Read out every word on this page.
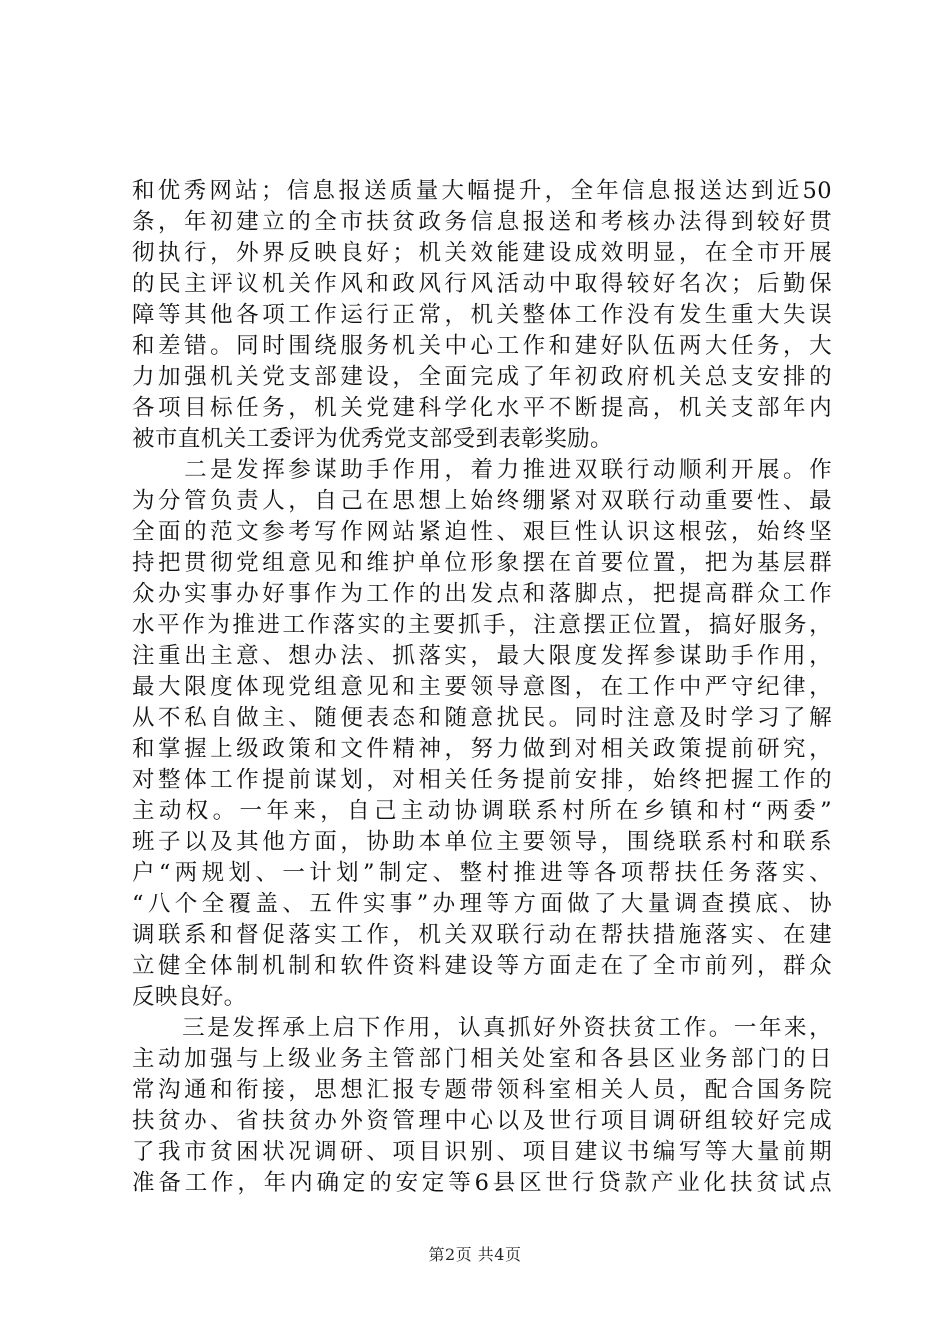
和优秀网站；信息报送质量大幅提升，全年信息报送达到近50
条，年初建立的全市扶贫政务信息报送和考核办法得到较好贯
彻执行，外界反映良好；机关效能建设成效明显，在全市开展
的民主评议机关作风和政风行风活动中取得较好名次；后勤保
障等其他各项工作运行正常，机关整体工作没有发生重大失误
和差错。同时围绕服务机关中心工作和建好队伍两大任务，大
力加强机关党支部建设，全面完成了年初政府机关总支安排的
各项目标任务，机关党建科学化水平不断提高，机关支部年内
被市直机关工委评为优秀党支部受到表彰奖励。
　　二是发挥参谋助手作用，着力推进双联行动顺利开展。作
为分管负责人，自己在思想上始终绷紧对双联行动重要性、最
全面的范文参考写作网站紧迫性、艰巨性认识这根弦，始终坚
持把贯彻党组意见和维护单位形象摆在首要位置，把为基层群
众办实事办好事作为工作的出发点和落脚点，把提高群众工作
水平作为推进工作落实的主要抓手，注意摆正位置，搞好服务，
注重出主意、想办法、抓落实，最大限度发挥参谋助手作用，
最大限度体现党组意见和主要领导意图，在工作中严守纪律，
从不私自做主、随便表态和随意扰民。同时注意及时学习了解
和掌握上级政策和文件精神，努力做到对相关政策提前研究，
对整体工作提前谋划，对相关任务提前安排，始终把握工作的
主动权。一年来，自己主动协调联系村所在乡镇和村“两委”
班子以及其他方面，协助本单位主要领导，围绕联系村和联系
户“两规划、一计划”制定、整村推进等各项帮扶任务落实、
“八个全覆盖、五件实事”办理等方面做了大量调查摸底、协
调联系和督促落实工作，机关双联行动在帮扶措施落实、在建
立健全体制机制和软件资料建设等方面走在了全市前列，群众
反映良好。
　　三是发挥承上启下作用，认真抓好外资扶贫工作。一年来，
主动加强与上级业务主管部门相关处室和各县区业务部门的日
常沟通和衔接，思想汇报专题带领科室相关人员，配合国务院
扶贫办、省扶贫办外资管理中心以及世行项目调研组较好完成
了我市贫困状况调研、项目识别、项目建议书编写等大量前期
准备工作，年内确定的安定等6县区世行贷款产业化扶贫试点
第2页 共4页
